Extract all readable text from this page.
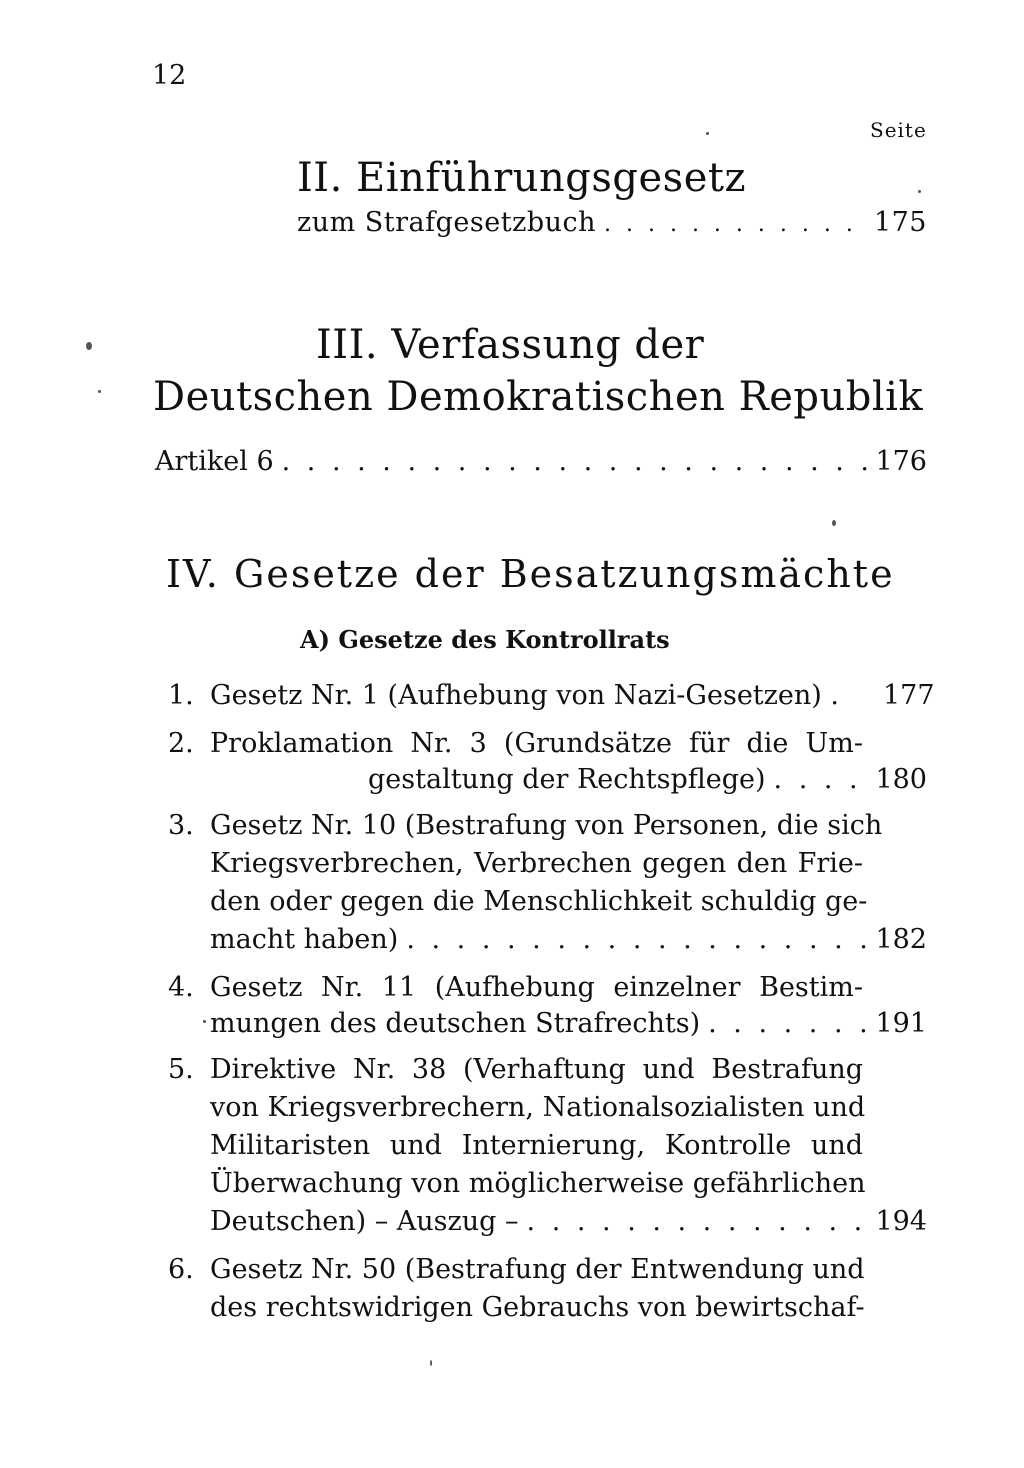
12
Seite
II. Einführungsgesetz
zum Strafgesetzbuch . . .	175
III. Verfassung der
Deutschen Demokratischen Republik
Artikel 6 . . .	176
IV. Gesetze der Besatzungsmächte
A) Gesetze des Kontrollrats
1. Gesetz Nr. 1 (Aufhebung von Nazi-Gesetzen) . 177
2. Proklamation Nr. 3 (Grundsätze für die Um-
gestaltung der Rechtspflege) . . .	180
3. Gesetz Nr. 10 (Bestrafung von Personen, die sich
Kriegsverbrechen, Verbrechen gegen den Frie-
den oder gegen die Menschlichkeit schuldig ge-
macht haben) . . .	182
4. Gesetz Nr. 11 (Aufhebung einzelner Bestim-
mungen des deutschen Strafrechts) . . .	191
5. Direktive Nr. 38 (Verhaftung und Bestrafung
von Kriegsverbrechern, Nationalsozialisten und
Militaristen und Internierung, Kontrolle und
Überwachung von möglicherweise gefährlichen
Deutschen) – Auszug – . . .	194
6. Gesetz Nr. 50 (Bestrafung der Entwendung und
des rechtswidrigen Gebrauchs von bewirtschaf-
